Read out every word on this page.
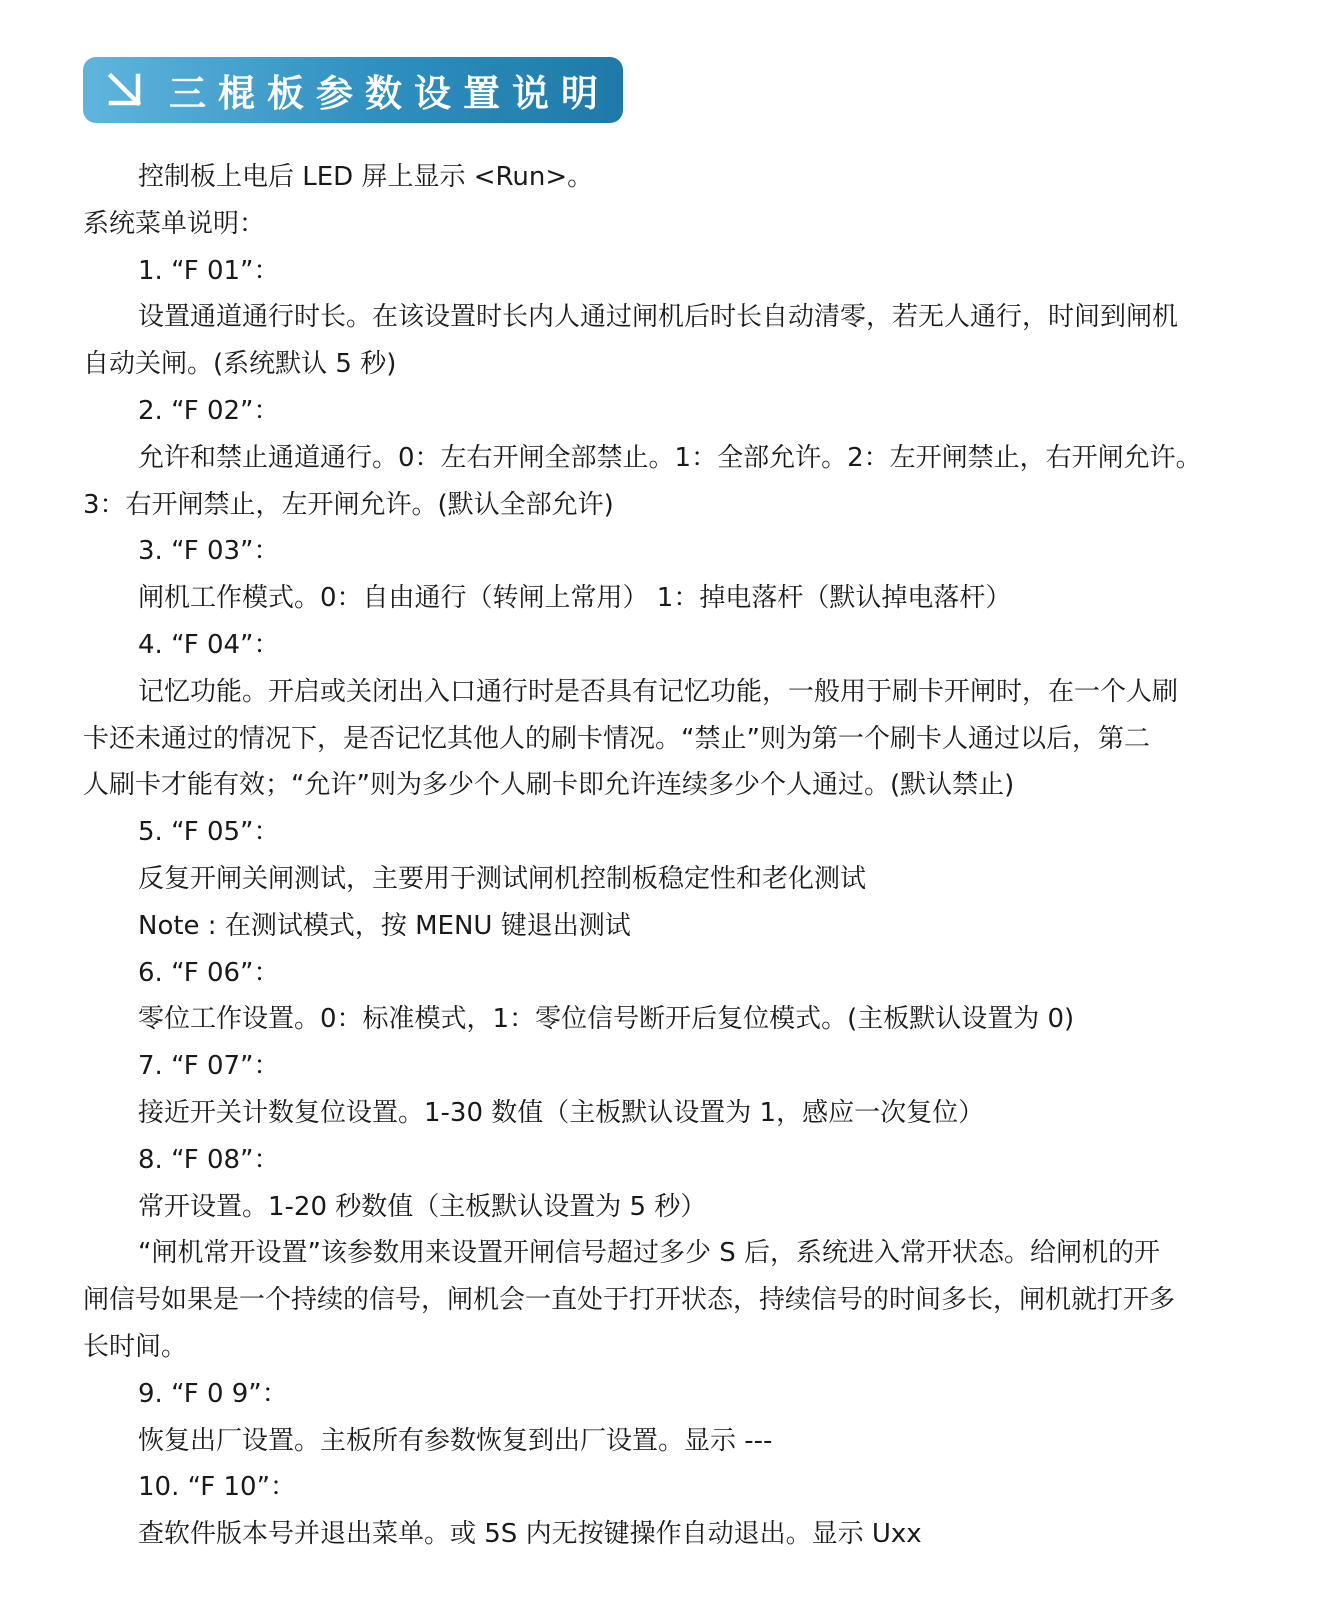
三棍板参数设置说明
控制板上电后 LED 屏上显示 <Run>。
系统菜单说明：
1. “F 01”：
设置通道通行时长。在该设置时长内人通过闸机后时长自动清零，若无人通行，时间到闸机
自动关闸。(系统默认 5 秒)
2. “F 02”：
允许和禁止通道通行。0：左右开闸全部禁止。1：全部允许。2：左开闸禁止，右开闸允许。
3：右开闸禁止，左开闸允许。(默认全部允许)
3. “F 03”：
闸机工作模式。0：自由通行（转闸上常用） 1：掉电落杆（默认掉电落杆）
4. “F 04”：
记忆功能。开启或关闭出入口通行时是否具有记忆功能，一般用于刷卡开闸时，在一个人刷
卡还未通过的情况下，是否记忆其他人的刷卡情况。“禁止”则为第一个刷卡人通过以后，第二
人刷卡才能有效；“允许”则为多少个人刷卡即允许连续多少个人通过。(默认禁止)
5. “F 05”：
反复开闸关闸测试，主要用于测试闸机控制板稳定性和老化测试
Note : 在测试模式，按 MENU 键退出测试
6. “F 06”：
零位工作设置。0：标准模式，1：零位信号断开后复位模式。(主板默认设置为 0)
7. “F 07”：
接近开关计数复位设置。1-30 数值（主板默认设置为 1，感应一次复位）
8. “F 08”：
常开设置。1-20 秒数值（主板默认设置为 5 秒）
“闸机常开设置”该参数用来设置开闸信号超过多少 S 后，系统进入常开状态。给闸机的开
闸信号如果是一个持续的信号，闸机会一直处于打开状态，持续信号的时间多长，闸机就打开多
长时间。
9. “F 0 9”：
恢复出厂设置。主板所有参数恢复到出厂设置。显示 ---
10. “F 10”：
查软件版本号并退出菜单。或 5S 内无按键操作自动退出。显示 Uxx
